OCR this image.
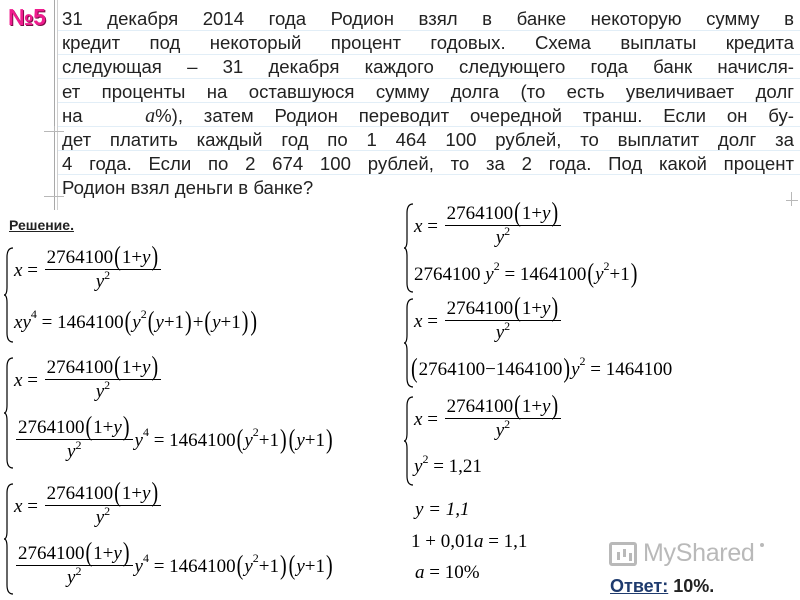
№5 31 декабря 2014 года Родион взял в банке некоторую сумму в
кредит под некоторый процент годовых. Схема выплаты кредита
следующая – 31 декабря каждого следующего года банк начисля-
ет проценты на оставшуюся сумму долга (то есть увеличивает долг
на	a%), затем Родион переводит очередной транш. Если он бу-
дет платить каждый год по 1 464 100 рублей, то выплатит долг за
4 года. Если по 2 674 100 рублей, то за 2 года. Под какой процент
Родион взял деньги в банке?
Решение.
x
=
$\frac{2764100(1+y)}{y^2}$
x y 4
=
1464100 ( y 2 ( y + 1 ) + ( y + 1 ) )
x
=
$\frac{2764100(1+y)}{y^2}$
$\frac{2764100(1+y)}{y^2}$ y 4
=
1464100 ( y 2 + 1 ) ( y + 1 )
x
=
$\frac{2764100(1+y)}{y^2}$
$\frac{2764100(1+y)}{y^2}$ y 4
=
1464100 ( y 2 + 1 ) ( y + 1 )
x
=
$\frac{2764100(1+y)}{y^2}$
2764100
y 2
=
1464100 ( y 2 + 1 )
x
=
$\frac{2764100(1+y)}{y^2}$
( 2764100 − 1464100 ) y 2
=
1464100
x
=
$\frac{2764100(1+y)}{y^2}$
y 2
=
1,21
y = 1,1
1 + 0,01a = 1,1
a = 10%
MyShared
Ответ: 10%.
